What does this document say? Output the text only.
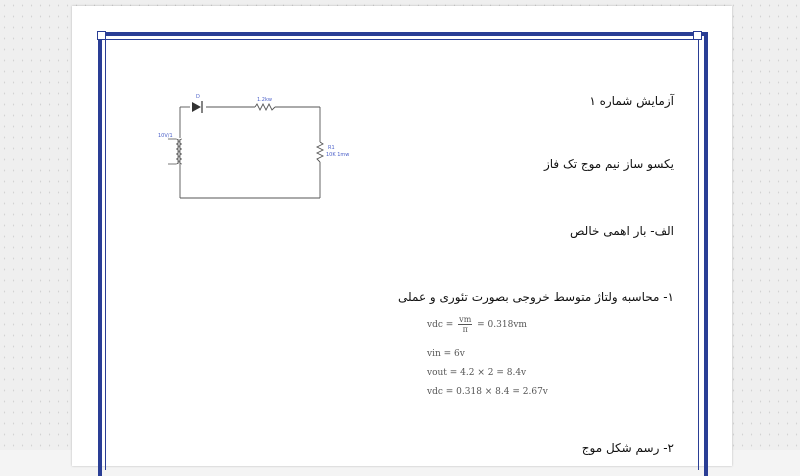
D	1.2kw
R1
10K 1mw
10V/1
آزمایش شماره ۱
یکسو ساز نیم موج تک فاز
الف- بار اهمی خالص
۱- محاسبه ولتاژ متوسط خروجی بصورت تئوری و عملی
vdc = $\frac{vm}{\pi} = 0.318vm$
vin = 6v
vout = 4.2 × 2 = 8.4v
vdc = 0.318 × 8.4 = 2.67v
۲- رسم شکل موج
